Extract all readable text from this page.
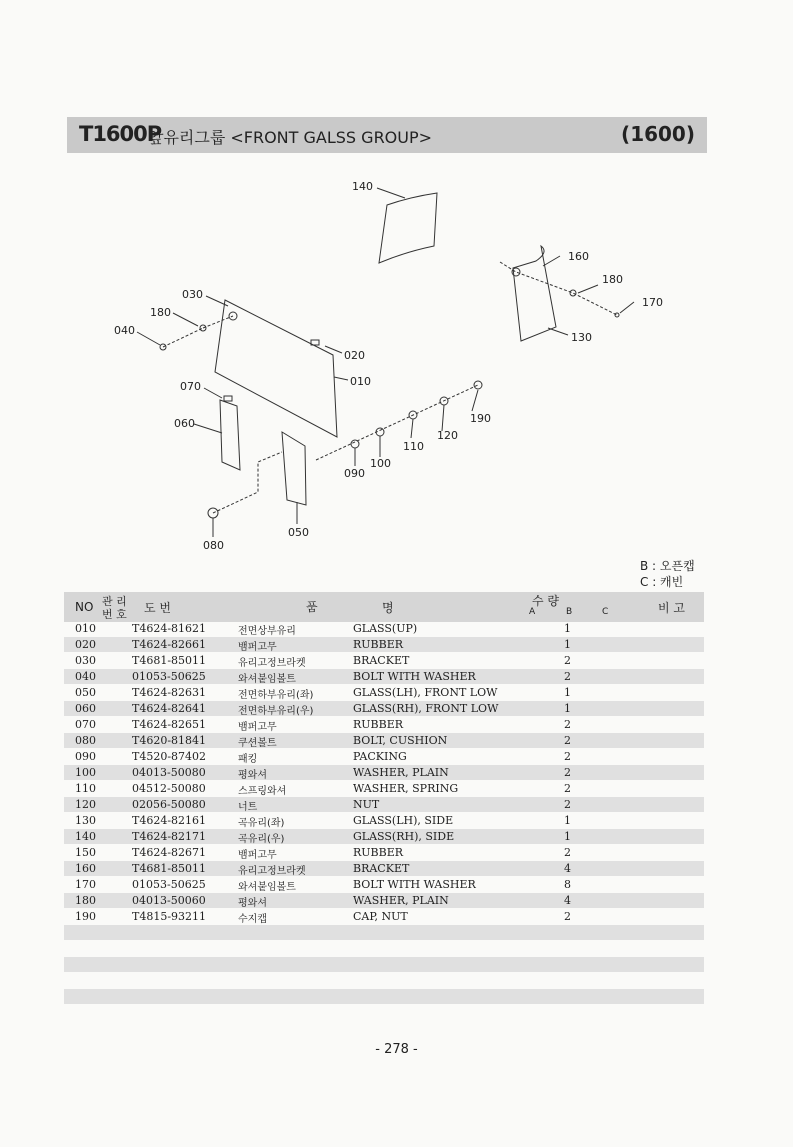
T1600P
앞유리그룹 <FRONT GALSS GROUP>	(1600)
140
160
180
170
130
030
180
040
020
010
070
190
060
120
110
100
090
080
050
B : 오픈캡
C : 캐빈
NO 관 리
번 호 도 번	품	명	수 량
A	B	C	비 고
010	T4624-81621	전면상부유리	GLASS(UP)	1
020	T4624-82661	뱀퍼고무	RUBBER	1
030	T4681-85011	유리고정브라켓	BRACKET	2
040	01053-50625	와셔붙임볼트	BOLT WITH WASHER	2
050	T4624-82631	전면하부유리(좌)	GLASS(LH), FRONT LOW	1
060	T4624-82641	전면하부유리(우)	GLASS(RH), FRONT LOW	1
070	T4624-82651	뱀퍼고무	RUBBER	2
080	T4620-81841	쿠션볼트	BOLT, CUSHION	2
090	T4520-87402	패킹	PACKING	2
100	04013-50080	평와셔	WASHER, PLAIN	2
110	04512-50080	스프링와셔	WASHER, SPRING	2
120	02056-50080	너트	NUT	2
130	T4624-82161	곡유리(좌)	GLASS(LH), SIDE	1
140	T4624-82171	곡유리(우)	GLASS(RH), SIDE	1
150	T4624-82671	뱀퍼고무	RUBBER	2
160	T4681-85011	유리고정브라켓	BRACKET	4
170	01053-50625	와셔붙임볼트	BOLT WITH WASHER	8
180	04013-50060	평와셔	WASHER, PLAIN	4
190	T4815-93211	수지캡	CAP, NUT	2
- 278 -
